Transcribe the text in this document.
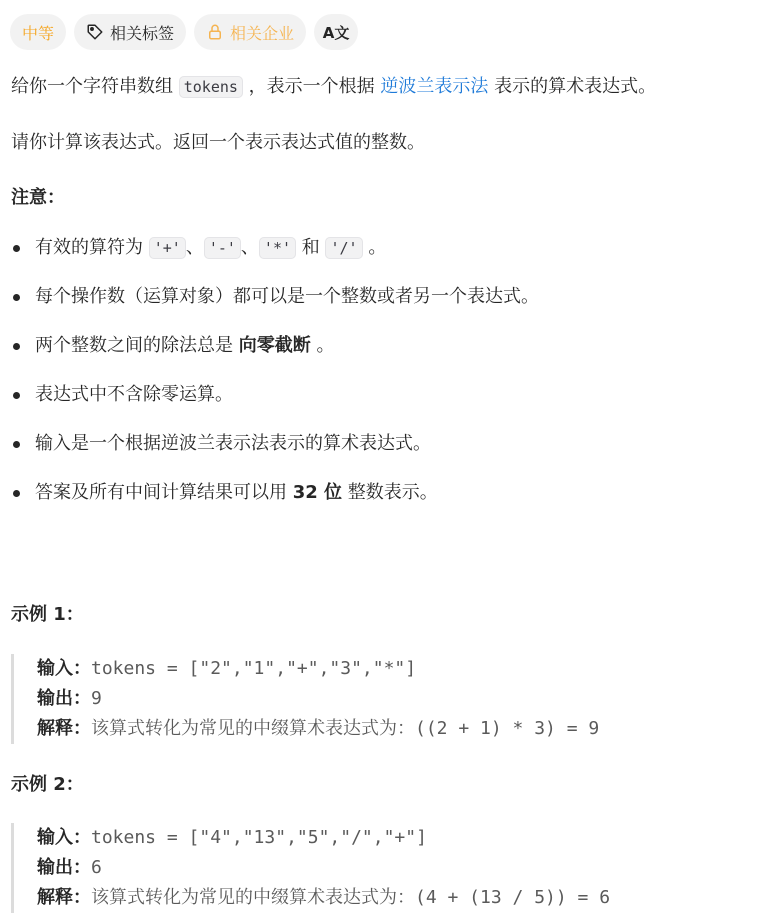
中等	相关标签	相关企业 A文

给你一个字符串数组 tokens ，表示一个根据 逆波兰表示法 表示的算术表达式。

请你计算该表达式。返回一个表示表达式值的整数。

注意：

有效的算符为 '+' 、 '-' 、 '*' 和 '/' 。
每个操作数（运算对象）都可以是一个整数或者另一个表达式。
两个整数之间的除法总是 向零截断 。
表达式中不含除零运算。
输入是一个根据逆波兰表示法表示的算术表达式。
答案及所有中间计算结果可以用 32 位 整数表示。
示例 1：
输入：tokens = ["2","1","+","3","*"]
输出：9
解释：该算式转化为常见的中缀算术表达式为：((2 + 1) * 3) = 9
示例 2：
输入：tokens = ["4","13","5","/","+"]
输出：6
解释：该算式转化为常见的中缀算术表达式为：(4 + (13 / 5)) = 6
